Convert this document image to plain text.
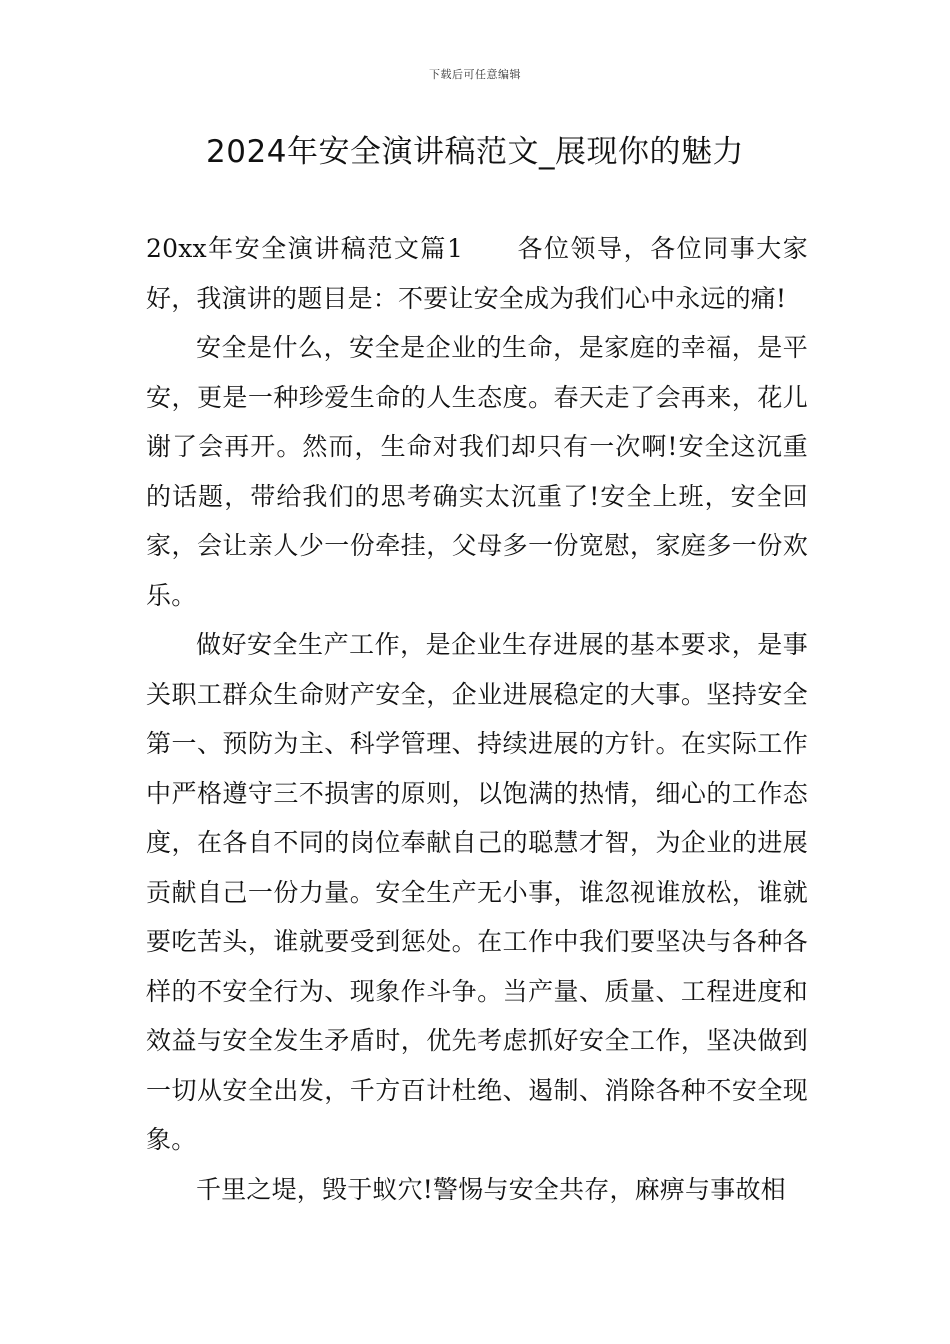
下载后可任意编辑
2024年安全演讲稿范文_展现你的魅力

20xx年安全演讲稿范文篇1　　各位领导，各位同事大家好，我演讲的题目是：不要让安全成为我们心中永远的痛!

安全是什么，安全是企业的生命，是家庭的幸福，是平安，更是一种珍爱生命的人生态度。春天走了会再来，花儿谢了会再开。然而，生命对我们却只有一次啊!安全这沉重的话题，带给我们的思考确实太沉重了!安全上班，安全回家，会让亲人少一份牵挂，父母多一份宽慰，家庭多一份欢乐。

做好安全生产工作，是企业生存进展的基本要求，是事关职工群众生命财产安全，企业进展稳定的大事。坚持安全第一、预防为主、科学管理、持续进展的方针。在实际工作中严格遵守三不损害的原则，以饱满的热情，细心的工作态度，在各自不同的岗位奉献自己的聪慧才智，为企业的进展贡献自己一份力量。安全生产无小事，谁忽视谁放松，谁就要吃苦头，谁就要受到惩处。在工作中我们要坚决与各种各样的不安全行为、现象作斗争。当产量、质量、工程进度和效益与安全发生矛盾时，优先考虑抓好安全工作，坚决做到一切从安全出发，千方百计杜绝、遏制、消除各种不安全现象。

千里之堤，毁于蚁穴!警惕与安全共存，麻痹与事故相
